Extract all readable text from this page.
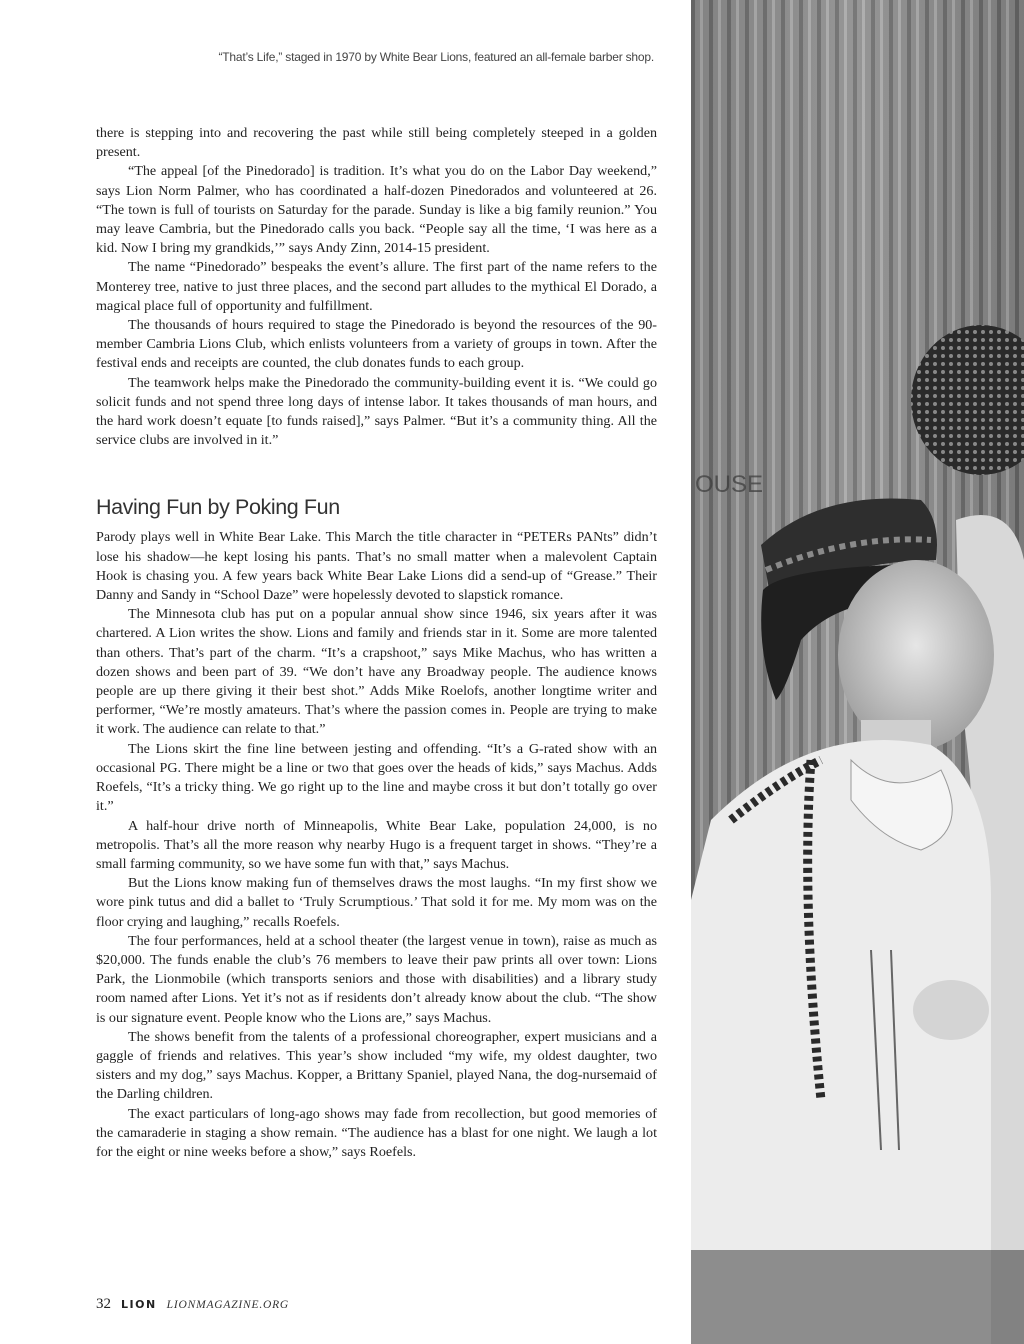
“That’s Life,” staged in 1970 by White Bear Lions, featured an all-female barber shop.

there is stepping into and recovering the past while still being completely steeped in a golden present.

“The appeal [of the Pinedorado] is tradition. It’s what you do on the Labor Day weekend,” says Lion Norm Palmer, who has coordinated a half-dozen Pinedorados and volunteered at 26. “The town is full of tourists on Saturday for the parade. Sunday is like a big family reunion.” You may leave Cambria, but the Pinedorado calls you back. “People say all the time, ‘I was here as a kid. Now I bring my grandkids,’” says Andy Zinn, 2014-15 president.

The name “Pinedorado” bespeaks the event’s allure. The first part of the name refers to the Monterey tree, native to just three places, and the second part alludes to the mythical El Dorado, a magical place full of opportunity and fulfillment.

The thousands of hours required to stage the Pinedorado is beyond the resources of the 90-member Cambria Lions Club, which enlists volunteers from a variety of groups in town. After the festival ends and receipts are counted, the club donates funds to each group.

The teamwork helps make the Pinedorado the community-building event it is. “We could go solicit funds and not spend three long days of intense labor. It takes thousands of man hours, and the hard work doesn’t equate [to funds raised],” says Palmer. “But it’s a community thing. All the service clubs are involved in it.”

Having Fun by Poking Fun

Parody plays well in White Bear Lake. This March the title character in “PETERs PANts” didn’t lose his shadow—he kept losing his pants. That’s no small matter when a malevolent Captain Hook is chasing you. A few years back White Bear Lake Lions did a send-up of “Grease.” Their Danny and Sandy in “School Daze” were hopelessly devoted to slapstick romance.

The Minnesota club has put on a popular annual show since 1946, six years after it was chartered. A Lion writes the show. Lions and family and friends star in it. Some are more talented than others. That’s part of the charm. “It’s a crapshoot,” says Mike Machus, who has written a dozen shows and been part of 39. “We don’t have any Broadway people. The audience knows people are up there giving it their best shot.” Adds Mike Roelofs, another longtime writer and performer, “We’re mostly amateurs. That’s where the passion comes in. People are trying to make it work. The audience can relate to that.”

The Lions skirt the fine line between jesting and offending. “It’s a G-rated show with an occasional PG. There might be a line or two that goes over the heads of kids,” says Machus. Adds Roefels, “It’s a tricky thing. We go right up to the line and maybe cross it but don’t totally go over it.”

A half-hour drive north of Minneapolis, White Bear Lake, population 24,000, is no metropolis. That’s all the more reason why nearby Hugo is a frequent target in shows. “They’re a small farming community, so we have some fun with that,” says Machus.

But the Lions know making fun of themselves draws the most laughs. “In my first show we wore pink tutus and did a ballet to ‘Truly Scrumptious.’ That sold it for me. My mom was on the floor crying and laughing,” recalls Roefels.

The four performances, held at a school theater (the largest venue in town), raise as much as $20,000. The funds enable the club’s 76 members to leave their paw prints all over town: Lions Park, the Lionmobile (which transports seniors and those with disabilities) and a library study room named after Lions. Yet it’s not as if residents don’t already know about the club. “The show is our signature event. People know who the Lions are,” says Machus.

The shows benefit from the talents of a professional choreographer, expert musicians and a gaggle of friends and relatives. This year’s show included “my wife, my oldest daughter, two sisters and my dog,” says Machus. Kopper, a Brittany Spaniel, played Nana, the dog-nursemaid of the Darling children.

The exact particulars of long-ago shows may fade from recollection, but good memories of the camaraderie in staging a show remain. “The audience has a blast for one night. We laugh a lot for the eight or nine weeks before a show,” says Roefels.

32 LION LIONMAGAZINE.ORG
OUSE
